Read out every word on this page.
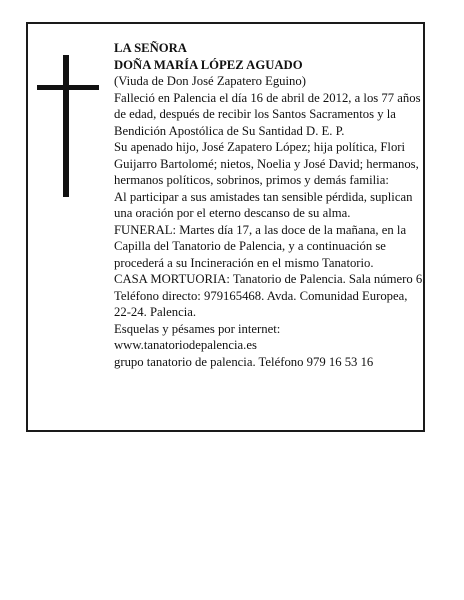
LA SEÑORA

DOÑA MARÍA LÓPEZ AGUADO

(Viuda de Don José Zapatero Eguino)

Falleció en Palencia el día 16 de abril de 2012, a los 77 años de edad, después de recibir los Santos Sacramentos y la Bendición Apostólica de Su Santidad D. E. P.

Su apenado hijo, José Zapatero López; hija política, Flori Guijarro Bartolomé; nietos, Noelia y José David; hermanos, hermanos políticos, sobrinos, primos y demás familia:

Al participar a sus amistades tan sensible pérdida, suplican una oración por el eterno descanso de su alma.

FUNERAL: Martes día 17, a las doce de la mañana, en la Capilla del Tanatorio de Palencia, y a continuación se procederá a su Incineración en el mismo Tanatorio.

CASA MORTUORIA: Tanatorio de Palencia. Sala número 6. Teléfono directo: 979165468. Avda. Comunidad Europea, 22-24. Palencia.

Esquelas y pésames por internet:

www.tanatoriodepalencia.es

grupo tanatorio de palencia. Teléfono 979 16 53 16
